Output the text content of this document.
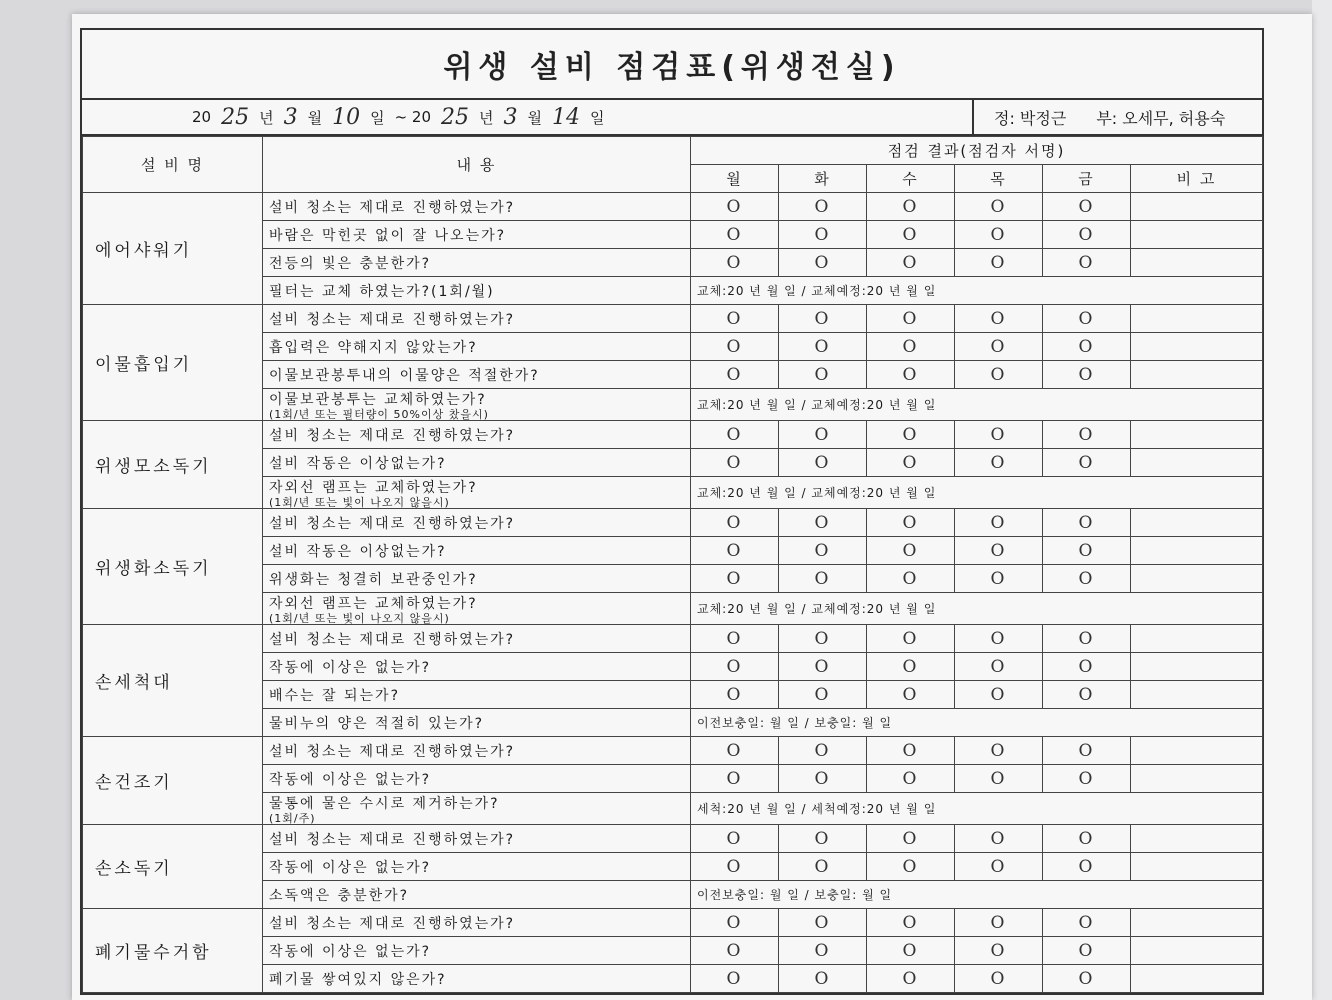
위생 설비 점검표(위생전실)
20 25 년 3 월 10 일 ~ 20 25 년 3 월 14 일	정: 박정근 부: 오세무, 허용숙
설 비 명	내 용	점검 결과(점검자 서명)					
		월	화	수	목	금	비 고
에어샤워기	설비 청소는 제대로 진행하였는가?	O	O	O	O	O	
	바람은 막힌곳 없이 잘 나오는가?	O	O	O	O	O	
	전등의 빛은 충분한가?	O	O	O	O	O	
	필터는 교체 하였는가?(1회/월)	교체:20 년 월 일 / 교체예정:20 년 월 일					
이물흡입기	설비 청소는 제대로 진행하였는가?	O	O	O	O	O	
	흡입력은 약해지지 않았는가?	O	O	O	O	O	
	이물보관봉투내의 이물양은 적절한가?	O	O	O	O	O	
	이물보관봉투는 교체하였는가?
(1회/년 또는 필터량이 50%이상 찼을시)	교체:20 년 월 일 / 교체예정:20 년 월 일					
위생모소독기	설비 청소는 제대로 진행하였는가?	O	O	O	O	O	
	설비 작동은 이상없는가?	O	O	O	O	O	
	자외선 램프는 교체하였는가?
(1회/년 또는 빛이 나오지 않을시)	교체:20 년 월 일 / 교체예정:20 년 월 일					
위생화소독기	설비 청소는 제대로 진행하였는가?	O	O	O	O	O	
	설비 작동은 이상없는가?	O	O	O	O	O	
	위생화는 청결히 보관중인가?	O	O	O	O	O	
	자외선 램프는 교체하였는가?
(1회/년 또는 빛이 나오지 않을시)	교체:20 년 월 일 / 교체예정:20 년 월 일					
손세척대	설비 청소는 제대로 진행하였는가?	O	O	O	O	O	
	작동에 이상은 없는가?	O	O	O	O	O	
	배수는 잘 되는가?	O	O	O	O	O	
	물비누의 양은 적절히 있는가?	이전보충일: 월 일 / 보충일: 월 일					
손건조기	설비 청소는 제대로 진행하였는가?	O	O	O	O	O	
	작동에 이상은 없는가?	O	O	O	O	O	
	물통에 물은 수시로 제거하는가?
(1회/주)	세척:20 년 월 일 / 세척예정:20 년 월 일					
손소독기	설비 청소는 제대로 진행하였는가?	O	O	O	O	O	
	작동에 이상은 없는가?	O	O	O	O	O	
	소독액은 충분한가?	이전보충일: 월 일 / 보충일: 월 일					
폐기물수거함	설비 청소는 제대로 진행하였는가?	O	O	O	O	O	
	작동에 이상은 없는가?	O	O	O	O	O	
	폐기물 쌓여있지 않은가?	O	O	O	O	O	
